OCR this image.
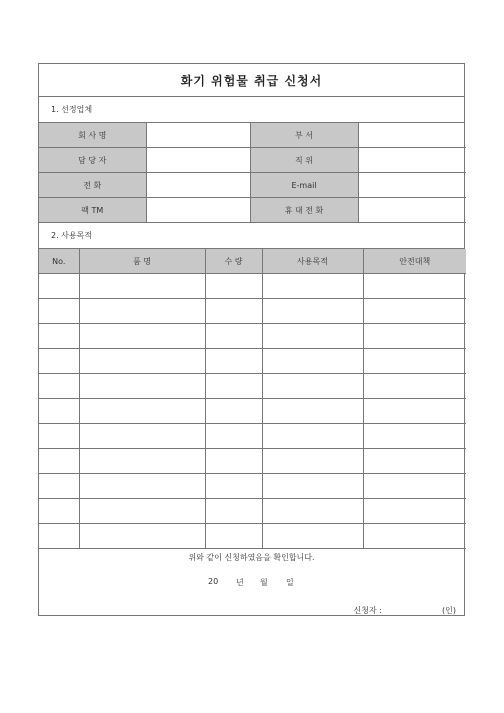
화기 위험물 취급 신청서
1. 선정업체
회 사 명		부 서	
담 당 자		직 위	
전 화		E-mail	
팩 TM		휴 대 전 화	
2. 사용목적
No.	품 명	수 량	사용목적	안전대책

위와 같이 신청하였음을 확인합니다.
20 년 월 일
신청자 :	(인)
